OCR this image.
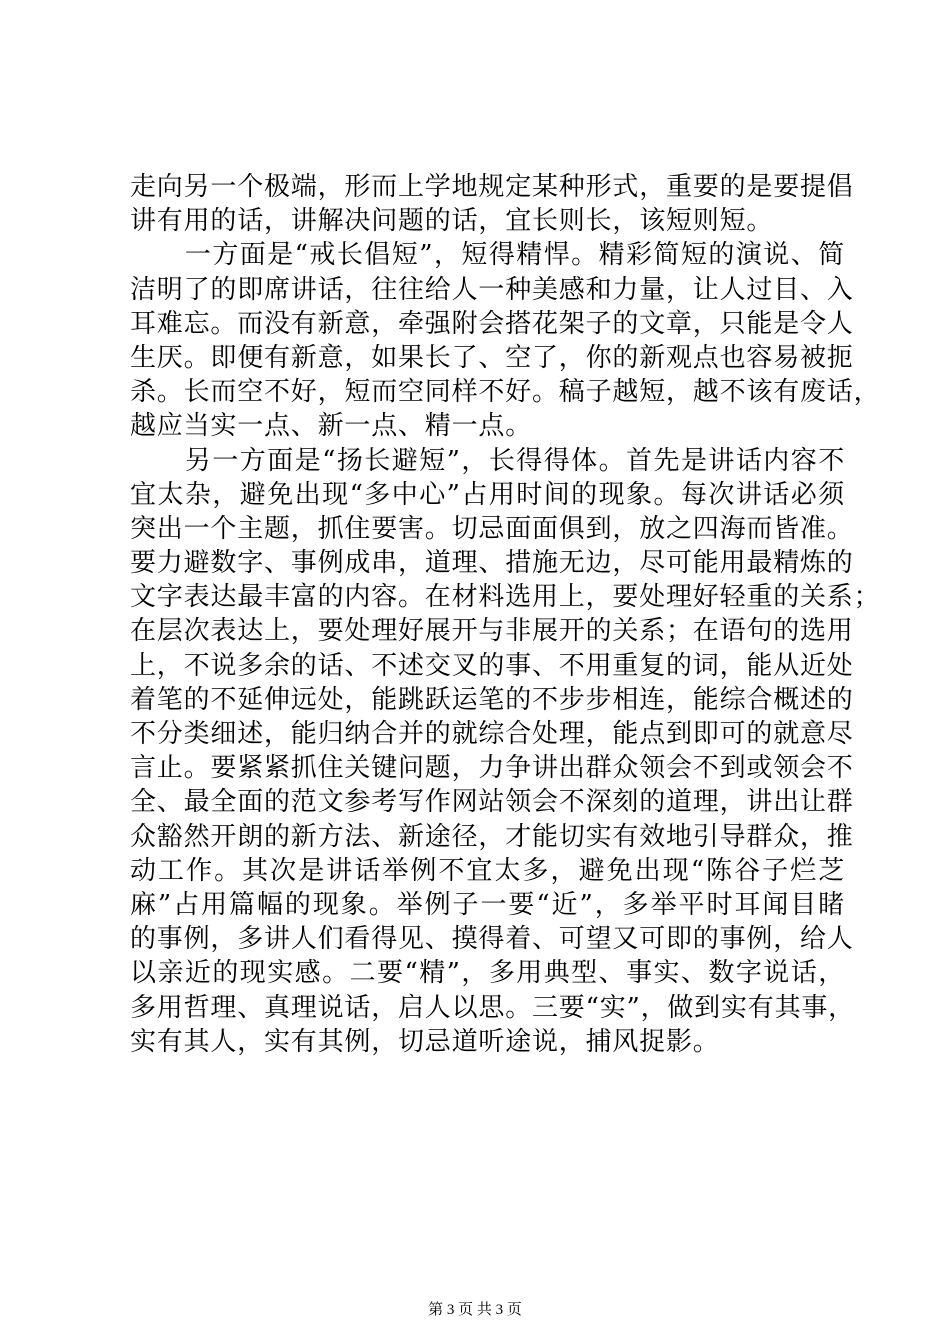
走向另一个极端，形而上学地规定某种形式，重要的是要提倡
讲有用的话，讲解决问题的话，宜长则长，该短则短。
　　一方面是“戒长倡短”，短得精悍。精彩简短的演说、简
洁明了的即席讲话，往往给人一种美感和力量，让人过目、入
耳难忘。而没有新意，牵强附会搭花架子的文章，只能是令人
生厌。即便有新意，如果长了、空了，你的新观点也容易被扼
杀。长而空不好，短而空同样不好。稿子越短，越不该有废话，
越应当实一点、新一点、精一点。
　　另一方面是“扬长避短”，长得得体。首先是讲话内容不
宜太杂，避免出现“多中心”占用时间的现象。每次讲话必须
突出一个主题，抓住要害。切忌面面俱到，放之四海而皆准。
要力避数字、事例成串，道理、措施无边，尽可能用最精炼的
文字表达最丰富的内容。在材料选用上，要处理好轻重的关系；
在层次表达上，要处理好展开与非展开的关系；在语句的选用
上，不说多余的话、不述交叉的事、不用重复的词，能从近处
着笔的不延伸远处，能跳跃运笔的不步步相连，能综合概述的
不分类细述，能归纳合并的就综合处理，能点到即可的就意尽
言止。要紧紧抓住关键问题，力争讲出群众领会不到或领会不
全、最全面的范文参考写作网站领会不深刻的道理，讲出让群
众豁然开朗的新方法、新途径，才能切实有效地引导群众，推
动工作。其次是讲话举例不宜太多，避免出现“陈谷子烂芝
麻”占用篇幅的现象。举例子一要“近”，多举平时耳闻目睹
的事例，多讲人们看得见、摸得着、可望又可即的事例，给人
以亲近的现实感。二要“精”，多用典型、事实、数字说话，
多用哲理、真理说话，启人以思。三要“实”，做到实有其事，
实有其人，实有其例，切忌道听途说，捕风捉影。
第 3 页 共 3 页
